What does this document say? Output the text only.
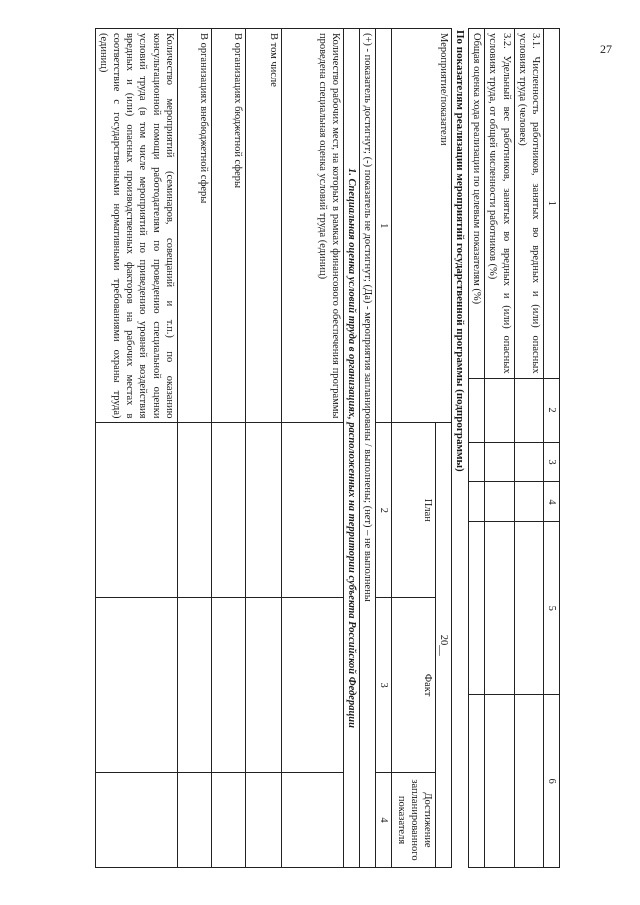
27
1	2	3	4	5	6
3.1. Численность работников, занятых во вредных и (или) опасных условиях труда (человек)					
3.2. Удельный вес работников, занятых во вредных и (или) опасных условиях труда, от общей численности работников (%)					
Общая оценка хода реализации по целевым показателям (%)					
По показателям реализации мероприятий государственной программы (подпрограммы)
Мероприятие/показатели	20__		
	План	Факт	Достижение запланированного показателя
1	2	3	4
(+) - показатель достигнут; (-) показатель не достигнут; (Да) - мероприятия запланированы / выполнены; (нет) – не выполнены			
1. Специальная оценка условий труда в организациях, расположенных на территории субъекта Российской Федерации			
Количество рабочих мест, на которых в рамках финансового обеспечения программы проведена специальная оценка условий труда (единиц)			
В том числе			
В организациях бюджетной сферы			
В организациях внебюджетной сферы			
Количество мероприятий (семинаров, совещаний и т.п.) по оказанию консультационной помощи работодателям по проведению специальной оценки условий труда (в том числе мероприятий по приведению уровней воздействия вредных и (или) опасных производственных факторов на рабочих местах в соответствие с государственными нормативными требованиями охраны труда) (единиц)			
